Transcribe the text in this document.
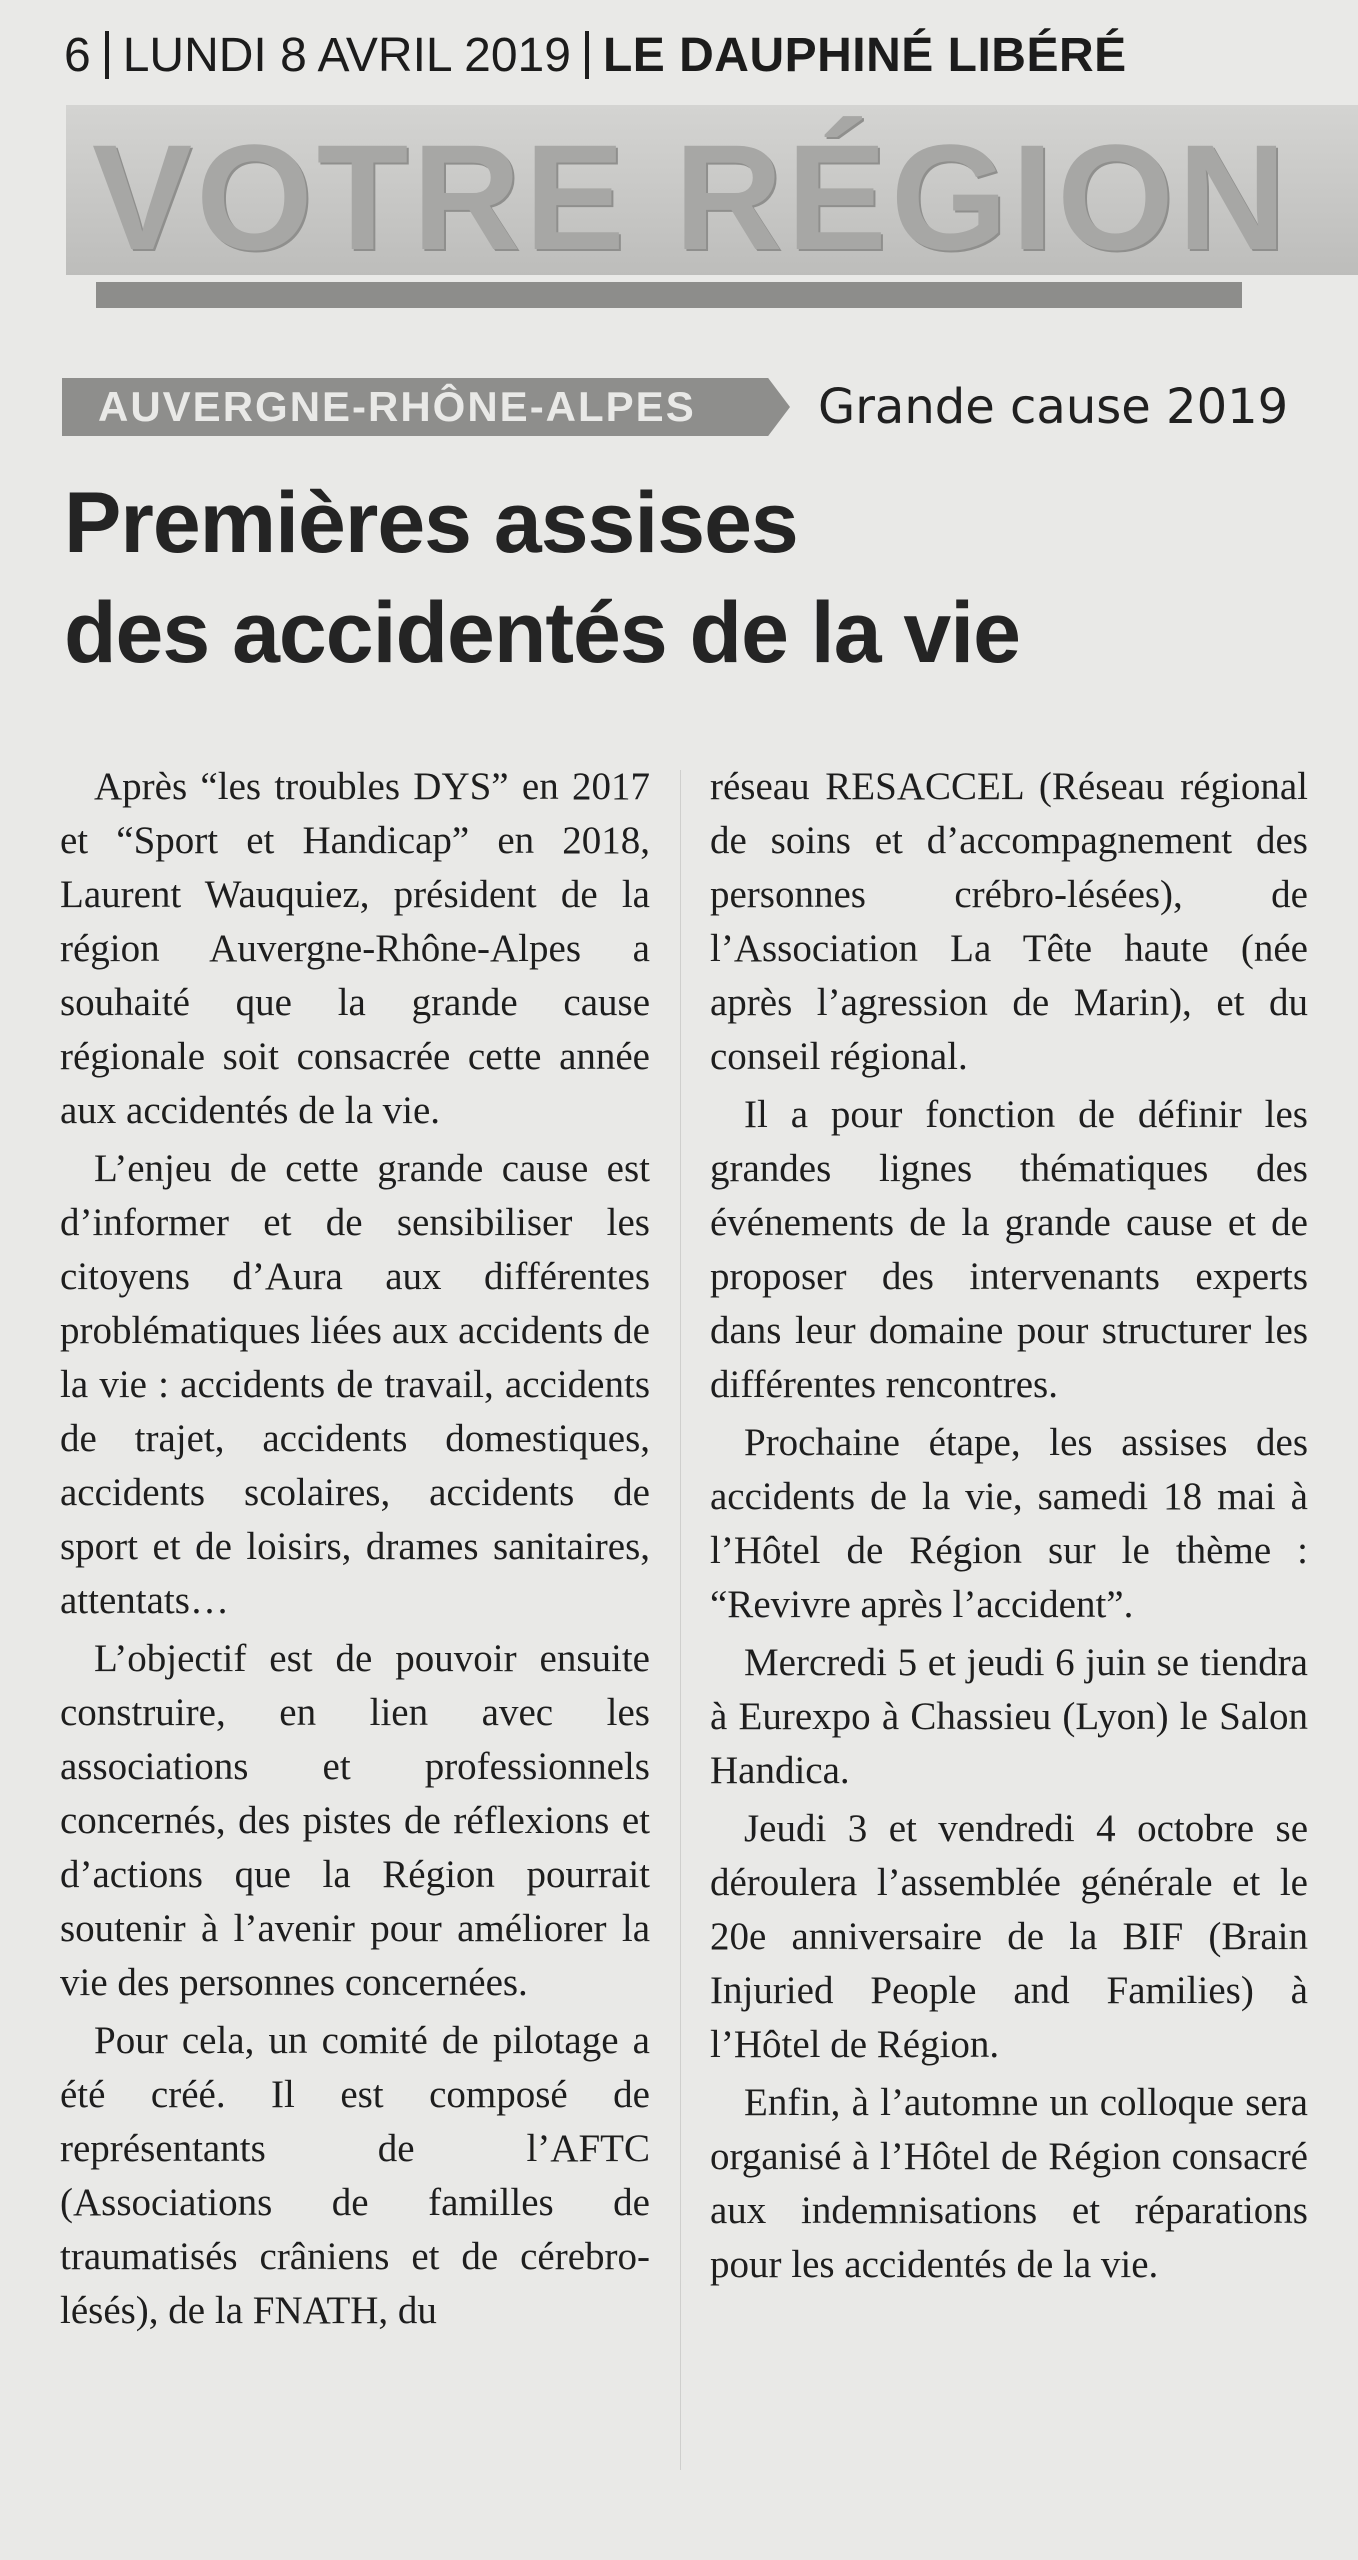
6 LUNDI 8 AVRIL 2019 LE DAUPHINÉ LIBÉRÉ
VOTRE RÉGION
AUVERGNE-RHÔNE-ALPES	Grande cause 2019
Premières assises
des accidentés de la vie

Après “les troubles DYS” en 2017 et “Sport et Handicap” en 2018, Laurent Wauquiez, président de la région Auvergne-Rhône-Alpes a souhaité que la grande cause régionale soit consacrée cette année aux accidentés de la vie.

L’enjeu de cette grande cause est d’informer et de sensibiliser les citoyens d’Aura aux différentes problématiques liées aux accidents de la vie : accidents de travail, accidents de trajet, accidents domestiques, accidents scolaires, accidents de sport et de loisirs, drames sanitaires, attentats…

L’objectif est de pouvoir ensuite construire, en lien avec les associations et professionnels concernés, des pistes de réflexions et d’actions que la Région pourrait soutenir à l’avenir pour améliorer la vie des personnes concernées.

Pour cela, un comité de pilotage a été créé. Il est composé de représentants de l’AFTC (Associations de familles de traumatisés crâniens et de cérebro-lésés), de la FNATH, du

réseau RESACCEL (Réseau régional de soins et d’accompagnement des personnes crébro-lésées), de l’Association La Tête haute (née après l’agression de Marin), et du conseil régional.

Il a pour fonction de définir les grandes lignes thématiques des événements de la grande cause et de proposer des intervenants experts dans leur domaine pour structurer les différentes rencontres.

Prochaine étape, les assises des accidents de la vie, samedi 18 mai à l’Hôtel de Région sur le thème : “Revivre après l’accident”.

Mercredi 5 et jeudi 6 juin se tiendra à Eurexpo à Chassieu (Lyon) le Salon Handica.

Jeudi 3 et vendredi 4 octobre se déroulera l’assemblée générale et le 20e anniversaire de la BIF (Brain Injuried People and Families) à l’Hôtel de Région.

Enfin, à l’automne un colloque sera organisé à l’Hôtel de Région consacré aux indemnisations et réparations pour les accidentés de la vie.
